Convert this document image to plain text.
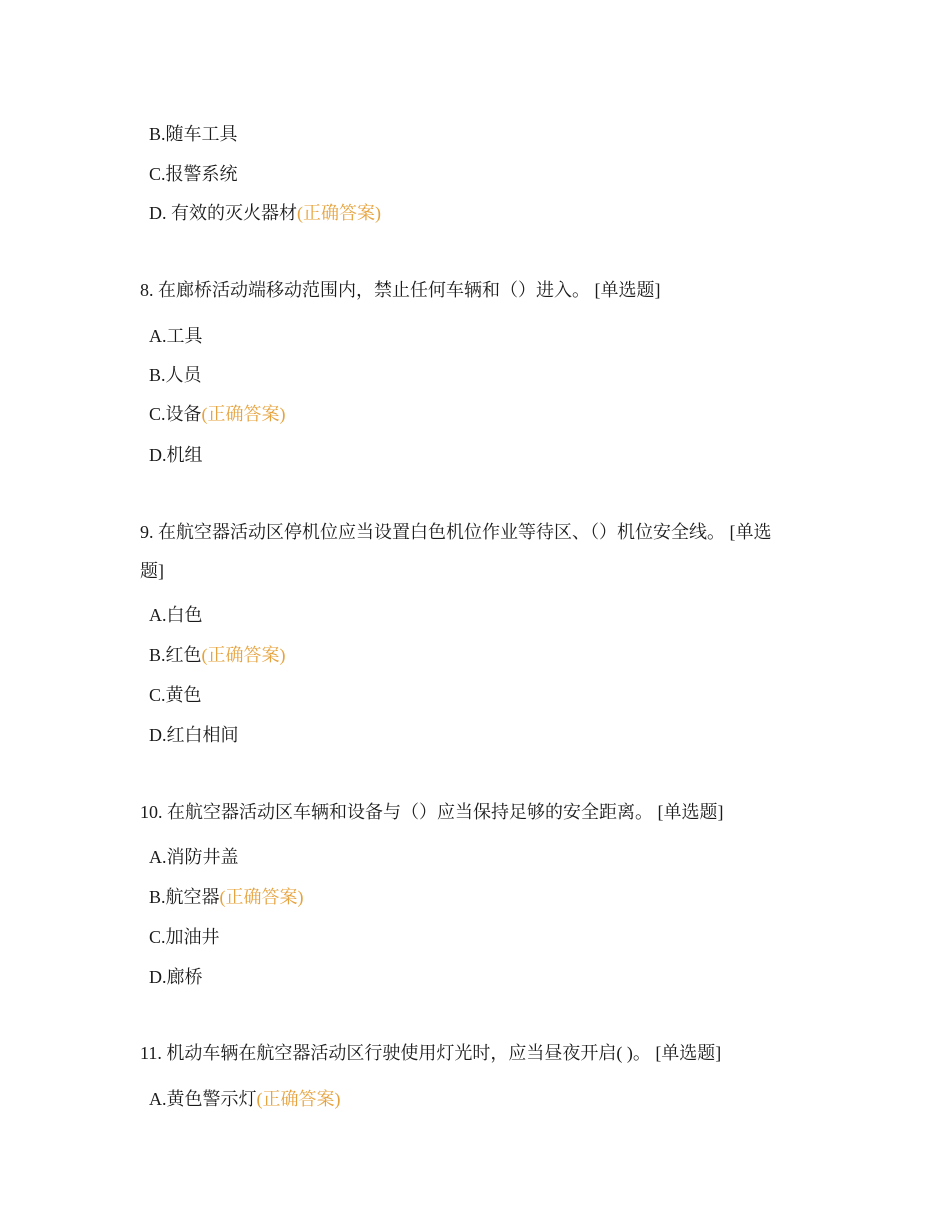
B.随车工具
C.报警系统
D. 有效的灭火器材(正确答案)
8. 在廊桥活动端移动范围内，禁止任何车辆和（）进入。 [单选题]
A.工具
B.人员
C.设备(正确答案)
D.机组
9. 在航空器活动区停机位应当设置白色机位作业等待区、（）机位安全线。 [单选
题]
A.白色
B.红色(正确答案)
C.黄色
D.红白相间
10. 在航空器活动区车辆和设备与（）应当保持足够的安全距离。 [单选题]
A.消防井盖
B.航空器(正确答案)
C.加油井
D.廊桥
11. 机动车辆在航空器活动区行驶使用灯光时，应当昼夜开启( )。 [单选题]
A.黄色警示灯(正确答案)
